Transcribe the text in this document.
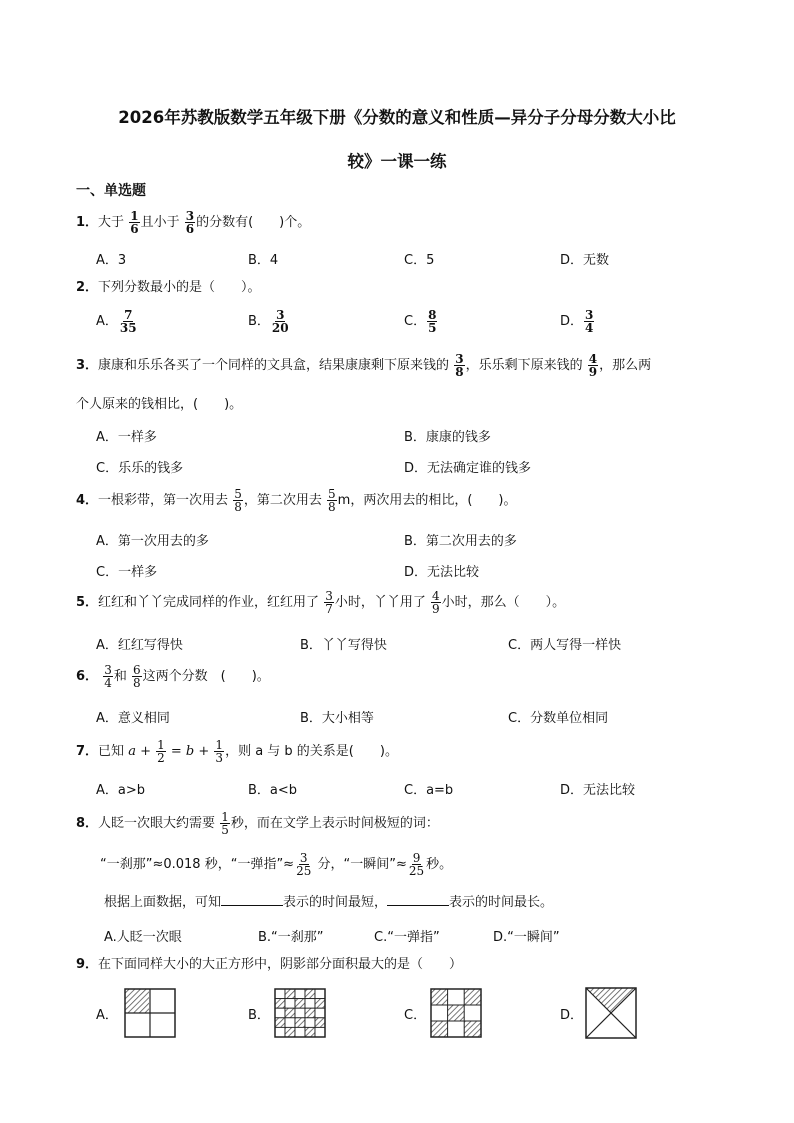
2026年苏教版数学五年级下册《分数的意义和性质—异分子分母分数大小比
较》一课一练
一、单选题
1．大于 $\frac{1}{6}$ 且小于 $\frac{3}{6}$ 的分数有(　　)个。
A．3	B．4	C．5	D．无数
2．下列分数最小的是（　　）。
A． $\frac{7}{35}$	B． $\frac{3}{20}$	C． $\frac{8}{5}$	D． $\frac{3}{4}$
3．康康和乐乐各买了一个同样的文具盒，结果康康剩下原来钱的 $\frac{3}{8}$ ，乐乐剩下原来钱的 $\frac{4}{9}$ ，那么两
个人原来的钱相比，(　　)。
A．一样多	B．康康的钱多
C．乐乐的钱多	D．无法确定谁的钱多
4．一根彩带，第一次用去 $\frac{5}{8}$ ，第二次用去 $\frac{5}{8}$ m，两次用去的相比，(　　)。
A．第一次用去的多	B．第二次用去的多
C．一样多	D．无法比较
5．红红和丫丫完成同样的作业，红红用了 $\frac{3}{7}$ 小时，丫丫用了 $\frac{4}{9}$ 小时，那么（　　）。
A．红红写得快	B．丫丫写得快	C．两人写得一样快
6． $\frac{3}{4}$ 和 $\frac{6}{8}$ 这两个分数　(　　)。
A．意义相同	B．大小相等	C．分数单位相同
7．已知 $a + \frac{1}{2} = b + \frac{1}{3}$ ，则 a 与 b 的关系是(　　)。
A．a>b	B．a<b	C．a=b	D．无法比较
8．人眨一次眼大约需要 $\frac{1}{5}$ 秒，而在文学上表示时间极短的词：
“一刹那”≈0.018 秒，“一弹指”≈ $\frac{3}{25}$ 分，“一瞬间”≈ $\frac{9}{25}$ 秒。
根据上面数据，可知	表示的时间最短，	表示的时间最长。
A.人眨一次眼	B.“一刹那”	C.“一弹指”	D.“一瞬间”
9．在下面同样大小的大正方形中，阴影部分面积最大的是（　　）
A．	B．	C．	D．
